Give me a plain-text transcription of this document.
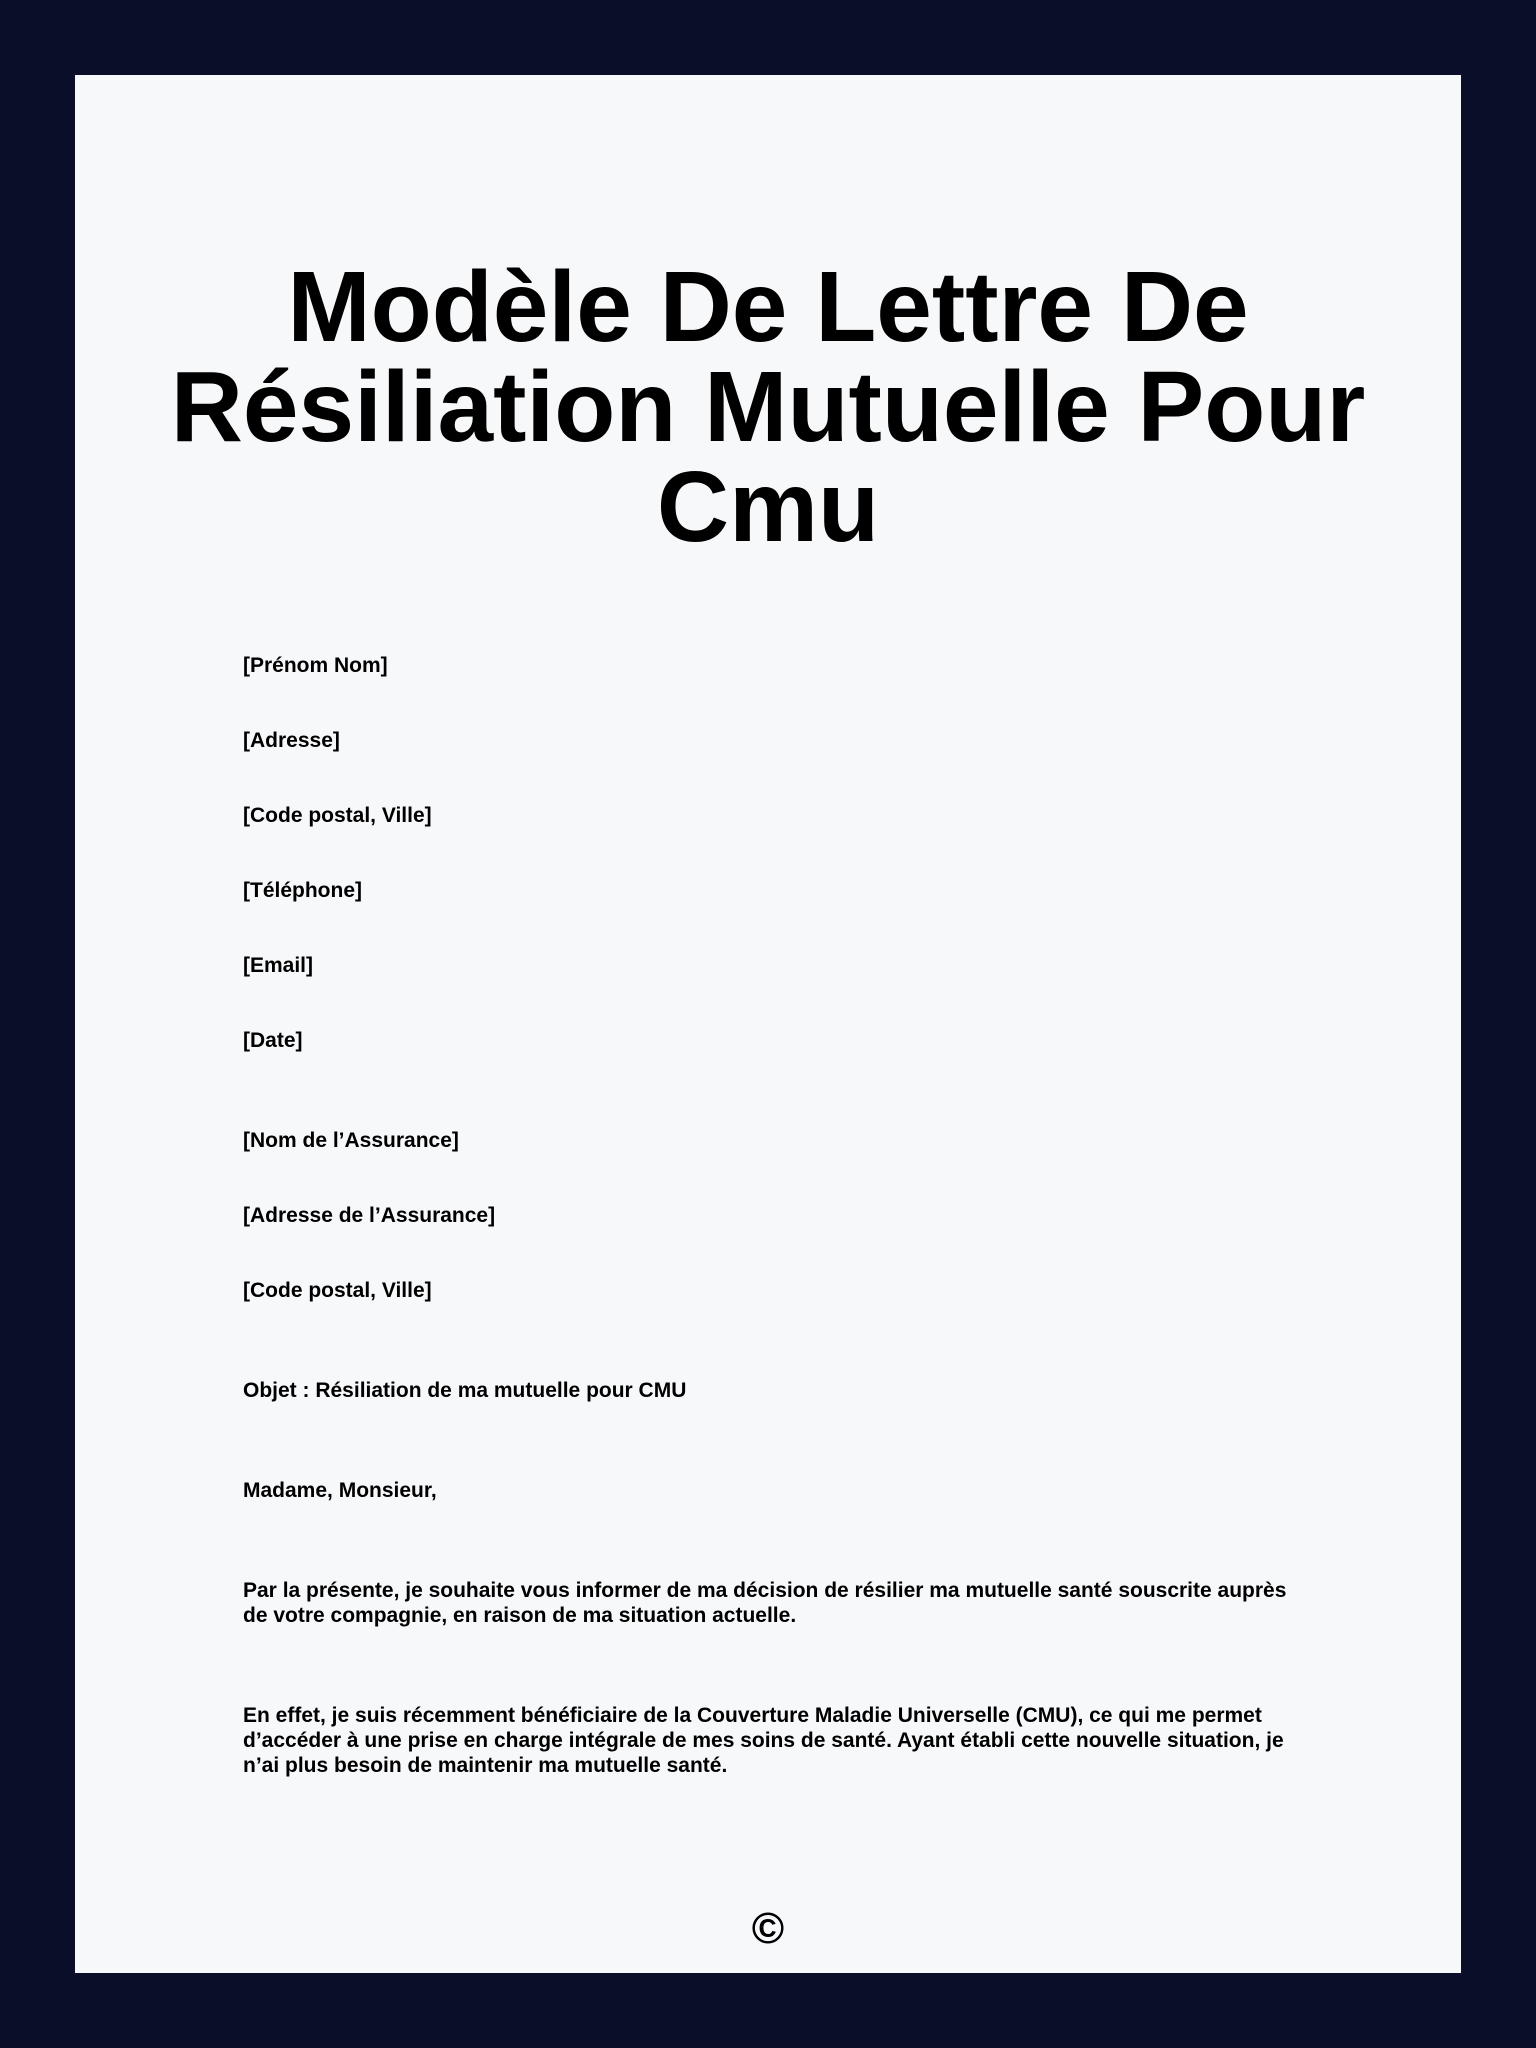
Modèle De Lettre De Résiliation Mutuelle Pour Cmu

[Prénom Nom]

[Adresse]

[Code postal, Ville]

[Téléphone]

[Email]

[Date]

[Nom de l’Assurance]

[Adresse de l’Assurance]

[Code postal, Ville]

Objet : Résiliation de ma mutuelle pour CMU

Madame, Monsieur,

Par la présente, je souhaite vous informer de ma décision de résilier ma mutuelle santé souscrite auprès de votre compagnie, en raison de ma situation actuelle.

En effet, je suis récemment bénéficiaire de la Couverture Maladie Universelle (CMU), ce qui me permet d’accéder à une prise en charge intégrale de mes soins de santé. Ayant établi cette nouvelle situation, je n’ai plus besoin de maintenir ma mutuelle santé.

©
